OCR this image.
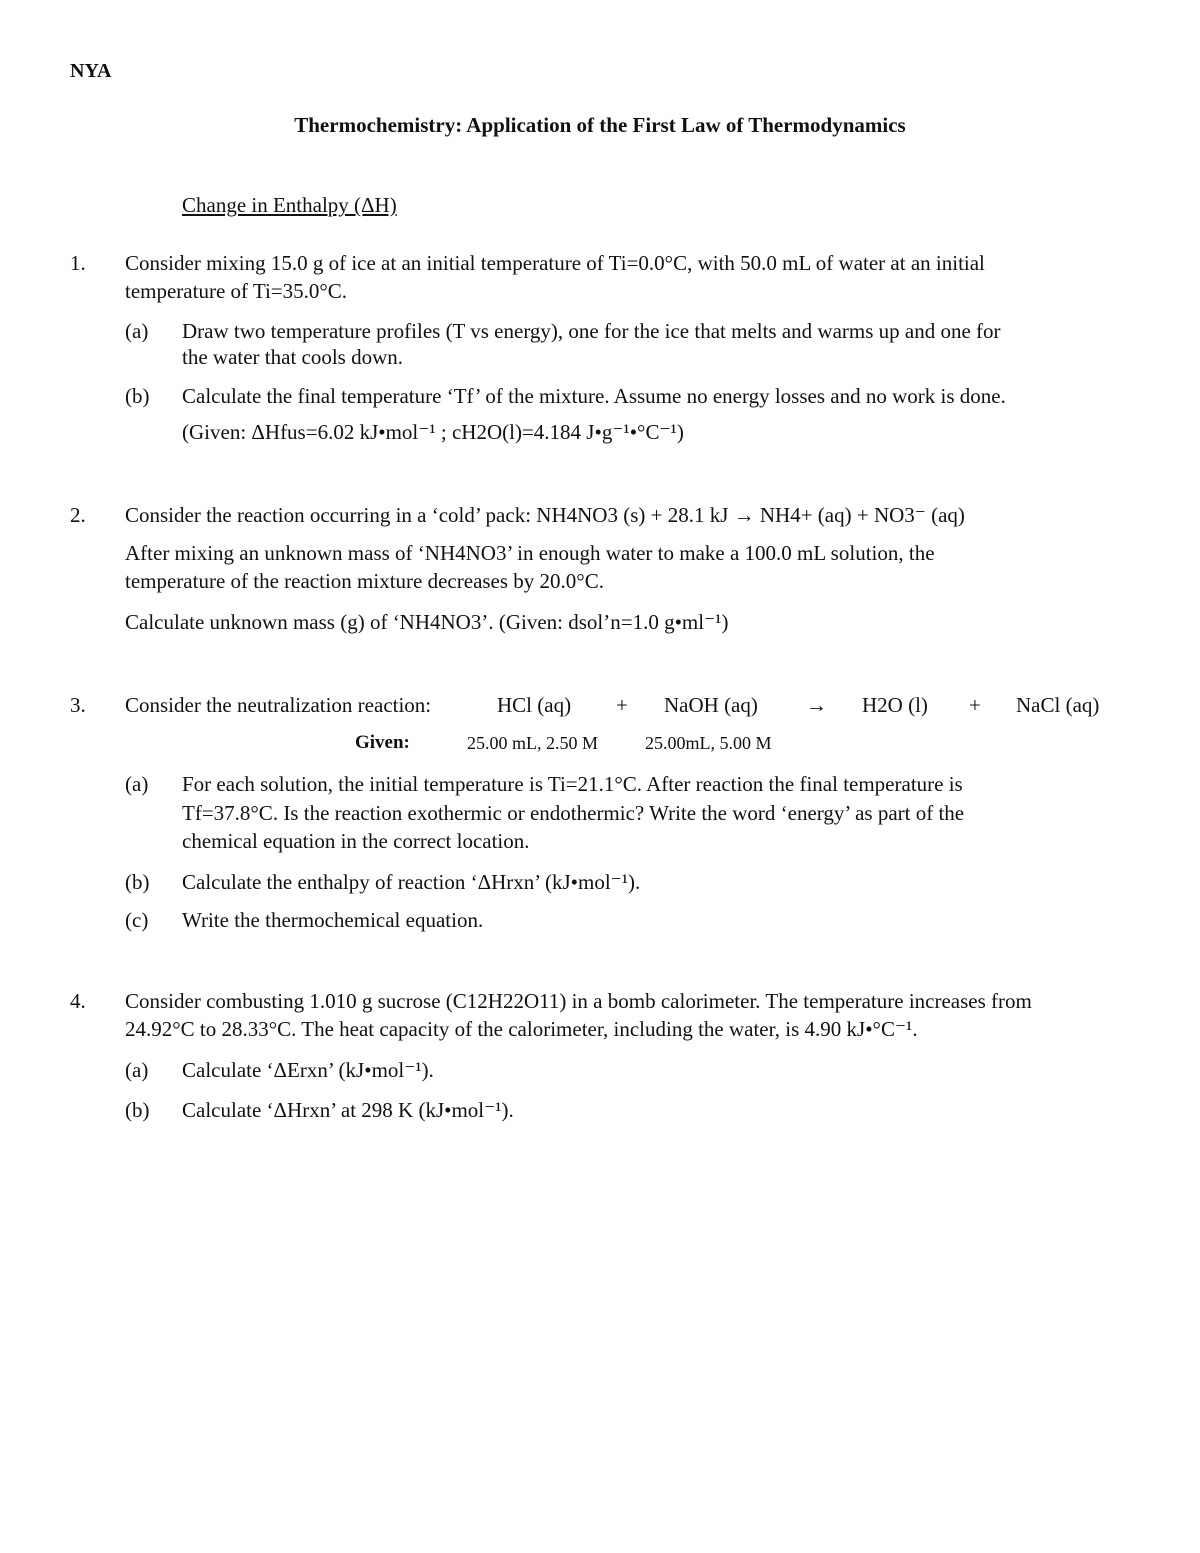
NYA
Thermochemistry: Application of the First Law of Thermodynamics
Change in Enthalpy (ΔH)
1. Consider mixing 15.0 g of ice at an initial temperature of Ti=0.0°C, with 50.0 mL of water at an initial
temperature of Ti=35.0°C.
(a) Draw two temperature profiles (T vs energy), one for the ice that melts and warms up and one for
the water that cools down.
(b) Calculate the final temperature ‘Tf’ of the mixture. Assume no energy losses and no work is done.
(Given: ΔHfus=6.02 kJ•mol⁻¹ ; cH2O(l)=4.184 J•g⁻¹•°C⁻¹)
2. Consider the reaction occurring in a ‘cold’ pack: NH4NO3 (s) + 28.1 kJ → NH4+ (aq) + NO3⁻ (aq)
After mixing an unknown mass of ‘NH4NO3’ in enough water to make a 100.0 mL solution, the
temperature of the reaction mixture decreases by 20.0°C.
Calculate unknown mass (g) of ‘NH4NO3’. (Given: dsol’n=1.0 g•ml⁻¹)
3. Consider the neutralization reaction:	HCl (aq) + NaOH (aq) → H2O (l) + NaCl (aq)
Given:	25.00 mL, 2.50 M	25.00mL, 5.00 M
(a) For each solution, the initial temperature is Ti=21.1°C. After reaction the final temperature is
Tf=37.8°C. Is the reaction exothermic or endothermic? Write the word ‘energy’ as part of the
chemical equation in the correct location.
(b) Calculate the enthalpy of reaction ‘ΔHrxn’ (kJ•mol⁻¹).
(c) Write the thermochemical equation.
4. Consider combusting 1.010 g sucrose (C12H22O11) in a bomb calorimeter. The temperature increases from
24.92°C to 28.33°C. The heat capacity of the calorimeter, including the water, is 4.90 kJ•°C⁻¹.
(a) Calculate ‘ΔErxn’ (kJ•mol⁻¹).
(b) Calculate ‘ΔHrxn’ at 298 K (kJ•mol⁻¹).
